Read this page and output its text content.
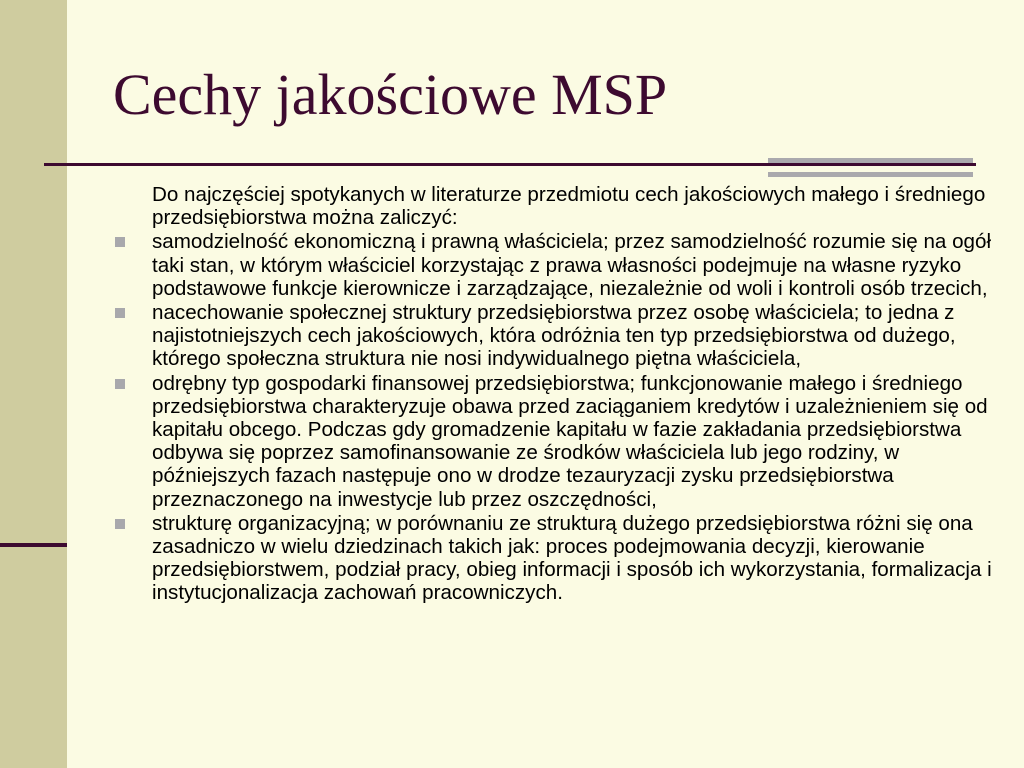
Cechy jakościowe MSP

Do najczęściej spotykanych w literaturze przedmiotu cech jakościowych małego i średniego przedsiębiorstwa można zaliczyć:

samodzielność ekonomiczną i prawną właściciela; przez samodzielność rozumie się na ogół taki stan, w którym właściciel korzystając z prawa własności podejmuje na własne ryzyko podstawowe funkcje kierownicze i zarządzające, niezależnie od woli i kontroli osób trzecich,
nacechowanie społecznej struktury przedsiębiorstwa przez osobę właściciela; to jedna z najistotniejszych cech jakościowych, która odróżnia ten typ przedsiębiorstwa od dużego, którego społeczna struktura nie nosi indywidualnego piętna właściciela,
odrębny typ gospodarki finansowej przedsiębiorstwa; funkcjonowanie małego i średniego przedsiębiorstwa charakteryzuje obawa przed zaciąganiem kredytów i uzależnieniem się od kapitału obcego. Podczas gdy gromadzenie kapitału w fazie zakładania przedsiębiorstwa odbywa się poprzez samofinansowanie ze środków właściciela lub jego rodziny, w późniejszych fazach następuje ono w drodze tezauryzacji zysku przedsiębiorstwa przeznaczonego na inwestycje lub przez oszczędności,
strukturę organizacyjną; w porównaniu ze strukturą dużego przedsiębiorstwa różni się ona zasadniczo w wielu dziedzinach takich jak: proces podejmowania decyzji, kierowanie przedsiębiorstwem, podział pracy, obieg informacji i sposób ich wykorzystania, formalizacja i instytucjonalizacja zachowań pracowniczych.
